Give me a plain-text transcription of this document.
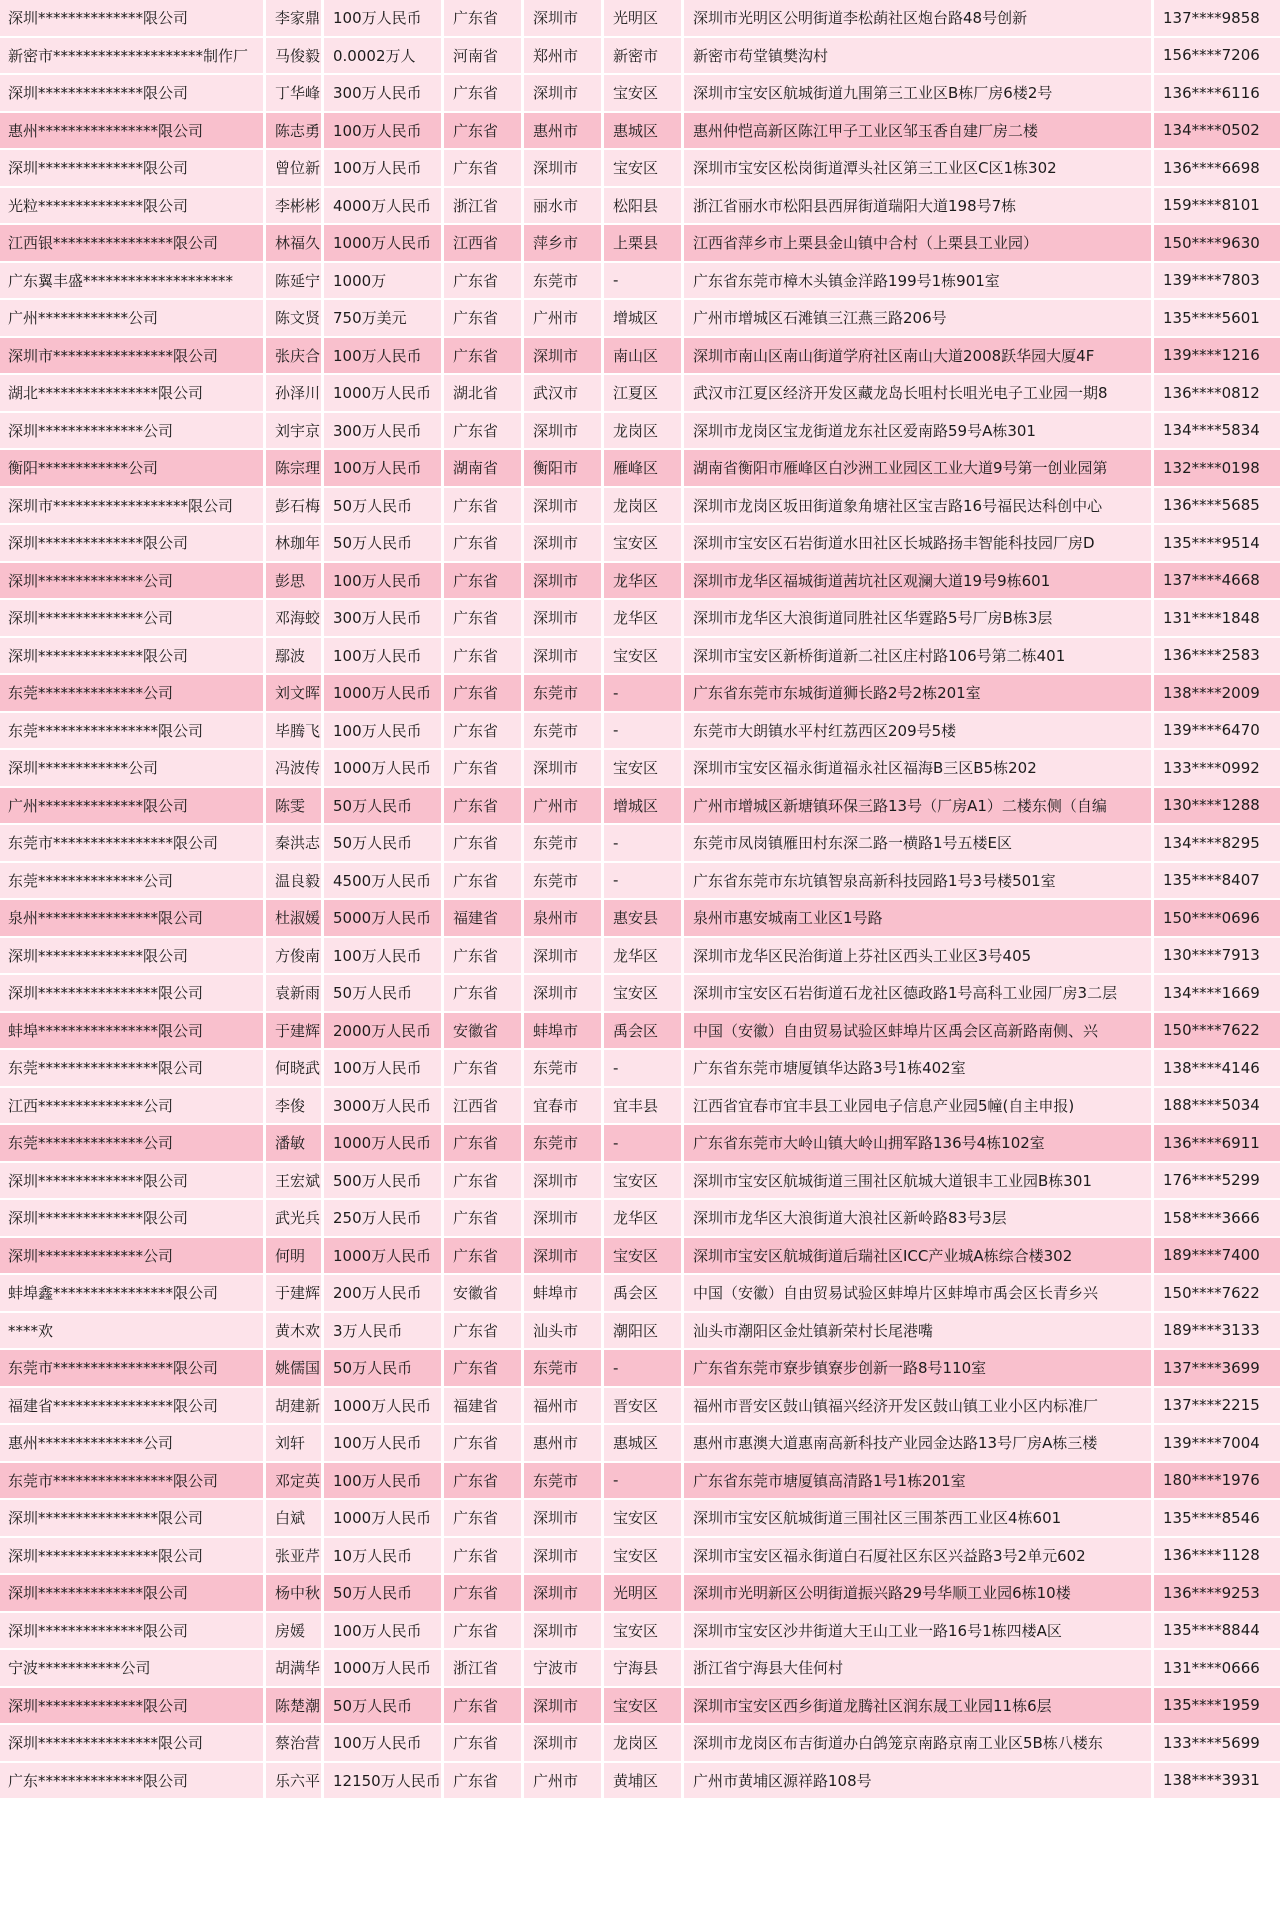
深圳**************限公司	李家鼎	100万人民币	广东省	深圳市	光明区	深圳市光明区公明街道李松蓢社区炮台路48号创新	137****9858
新密市********************制作厂	马俊毅	0.0002万人	河南省	郑州市	新密市	新密市苟堂镇樊沟村	156****7206
深圳**************限公司	丁华峰	300万人民币	广东省	深圳市	宝安区	深圳市宝安区航城街道九围第三工业区B栋厂房6楼2号	136****6116
惠州****************限公司	陈志勇	100万人民币	广东省	惠州市	惠城区	惠州仲恺高新区陈江甲子工业区邹玉香自建厂房二楼	134****0502
深圳**************限公司	曾位新	100万人民币	广东省	深圳市	宝安区	深圳市宝安区松岗街道潭头社区第三工业区C区1栋302	136****6698
光粒**************限公司	李彬彬	4000万人民币	浙江省	丽水市	松阳县	浙江省丽水市松阳县西屏街道瑞阳大道198号7栋	159****8101
江西银****************限公司	林福久	1000万人民币	江西省	萍乡市	上栗县	江西省萍乡市上栗县金山镇中合村（上栗县工业园）	150****9630
广东翼丰盛********************	陈延宁	1000万	广东省	东莞市	-	广东省东莞市樟木头镇金洋路199号1栋901室	139****7803
广州************公司	陈文贤	750万美元	广东省	广州市	增城区	广州市增城区石滩镇三江燕三路206号	135****5601
深圳市****************限公司	张庆合	100万人民币	广东省	深圳市	南山区	深圳市南山区南山街道学府社区南山大道2008跃华园大厦4F	139****1216
湖北****************限公司	孙泽川	1000万人民币	湖北省	武汉市	江夏区	武汉市江夏区经济开发区藏龙岛长咀村长咀光电子工业园一期8	136****0812
深圳**************公司	刘宇京	300万人民币	广东省	深圳市	龙岗区	深圳市龙岗区宝龙街道龙东社区爱南路59号A栋301	134****5834
衡阳************公司	陈宗理	100万人民币	湖南省	衡阳市	雁峰区	湖南省衡阳市雁峰区白沙洲工业园区工业大道9号第一创业园第	132****0198
深圳市******************限公司	彭石梅	50万人民币	广东省	深圳市	龙岗区	深圳市龙岗区坂田街道象角塘社区宝吉路16号福民达科创中心	136****5685
深圳**************限公司	林珈年	50万人民币	广东省	深圳市	宝安区	深圳市宝安区石岩街道水田社区长城路扬丰智能科技园厂房D	135****9514
深圳**************公司	彭思	100万人民币	广东省	深圳市	龙华区	深圳市龙华区福城街道茜坑社区观澜大道19号9栋601	137****4668
深圳**************公司	邓海蛟	300万人民币	广东省	深圳市	龙华区	深圳市龙华区大浪街道同胜社区华霆路5号厂房B栋3层	131****1848
深圳**************限公司	鄢波	100万人民币	广东省	深圳市	宝安区	深圳市宝安区新桥街道新二社区庄村路106号第二栋401	136****2583
东莞**************公司	刘文晖	1000万人民币	广东省	东莞市	-	广东省东莞市东城街道狮长路2号2栋201室	138****2009
东莞****************限公司	毕腾飞	100万人民币	广东省	东莞市	-	东莞市大朗镇水平村红荔西区209号5楼	139****6470
深圳************公司	冯波传	1000万人民币	广东省	深圳市	宝安区	深圳市宝安区福永街道福永社区福海B三区B5栋202	133****0992
广州**************限公司	陈雯	50万人民币	广东省	广州市	增城区	广州市增城区新塘镇环保三路13号（厂房A1）二楼东侧（自编	130****1288
东莞市****************限公司	秦洪志	50万人民币	广东省	东莞市	-	东莞市凤岗镇雁田村东深二路一横路1号五楼E区	134****8295
东莞**************公司	温良毅	4500万人民币	广东省	东莞市	-	广东省东莞市东坑镇智泉高新科技园路1号3号楼501室	135****8407
泉州****************限公司	杜淑媛	5000万人民币	福建省	泉州市	惠安县	泉州市惠安城南工业区1号路	150****0696
深圳**************限公司	方俊南	100万人民币	广东省	深圳市	龙华区	深圳市龙华区民治街道上芬社区西头工业区3号405	130****7913
深圳****************限公司	袁新雨	50万人民币	广东省	深圳市	宝安区	深圳市宝安区石岩街道石龙社区德政路1号高科工业园厂房3二层	134****1669
蚌埠****************限公司	于建辉	2000万人民币	安徽省	蚌埠市	禹会区	中国（安徽）自由贸易试验区蚌埠片区禹会区高新路南侧、兴	150****7622
东莞****************限公司	何晓武	100万人民币	广东省	东莞市	-	广东省东莞市塘厦镇华达路3号1栋402室	138****4146
江西**************公司	李俊	3000万人民币	江西省	宜春市	宜丰县	江西省宜春市宜丰县工业园电子信息产业园5幢(自主申报)	188****5034
东莞**************公司	潘敏	1000万人民币	广东省	东莞市	-	广东省东莞市大岭山镇大岭山拥军路136号4栋102室	136****6911
深圳**************限公司	王宏斌	500万人民币	广东省	深圳市	宝安区	深圳市宝安区航城街道三围社区航城大道银丰工业园B栋301	176****5299
深圳**************限公司	武光兵	250万人民币	广东省	深圳市	龙华区	深圳市龙华区大浪街道大浪社区新岭路83号3层	158****3666
深圳**************公司	何明	1000万人民币	广东省	深圳市	宝安区	深圳市宝安区航城街道后瑞社区ICC产业城A栋综合楼302	189****7400
蚌埠鑫****************限公司	于建辉	200万人民币	安徽省	蚌埠市	禹会区	中国（安徽）自由贸易试验区蚌埠片区蚌埠市禹会区长青乡兴	150****7622
****欢	黄木欢	3万人民币	广东省	汕头市	潮阳区	汕头市潮阳区金灶镇新荣村长尾港嘴	189****3133
东莞市****************限公司	姚儒国	50万人民币	广东省	东莞市	-	广东省东莞市寮步镇寮步创新一路8号110室	137****3699
福建省****************限公司	胡建新	1000万人民币	福建省	福州市	晋安区	福州市晋安区鼓山镇福兴经济开发区鼓山镇工业小区内标准厂	137****2215
惠州**************公司	刘轩	100万人民币	广东省	惠州市	惠城区	惠州市惠澳大道惠南高新科技产业园金达路13号厂房A栋三楼	139****7004
东莞市****************限公司	邓定英	100万人民币	广东省	东莞市	-	广东省东莞市塘厦镇高清路1号1栋201室	180****1976
深圳****************限公司	白斌	1000万人民币	广东省	深圳市	宝安区	深圳市宝安区航城街道三围社区三围茶西工业区4栋601	135****8546
深圳****************限公司	张亚芹	10万人民币	广东省	深圳市	宝安区	深圳市宝安区福永街道白石厦社区东区兴益路3号2单元602	136****1128
深圳**************限公司	杨中秋	50万人民币	广东省	深圳市	光明区	深圳市光明新区公明街道振兴路29号华顺工业园6栋10楼	136****9253
深圳**************限公司	房媛	100万人民币	广东省	深圳市	宝安区	深圳市宝安区沙井街道大王山工业一路16号1栋四楼A区	135****8844
宁波***********公司	胡满华	1000万人民币	浙江省	宁波市	宁海县	浙江省宁海县大佳何村	131****0666
深圳**************限公司	陈楚潮	50万人民币	广东省	深圳市	宝安区	深圳市宝安区西乡街道龙腾社区润东晟工业园11栋6层	135****1959
深圳****************限公司	蔡治营	100万人民币	广东省	深圳市	龙岗区	深圳市龙岗区布吉街道办白鸽笼京南路京南工业区5B栋八楼东	133****5699
广东**************限公司	乐六平	12150万人民币	广东省	广州市	黄埔区	广州市黄埔区源祥路108号	138****3931
